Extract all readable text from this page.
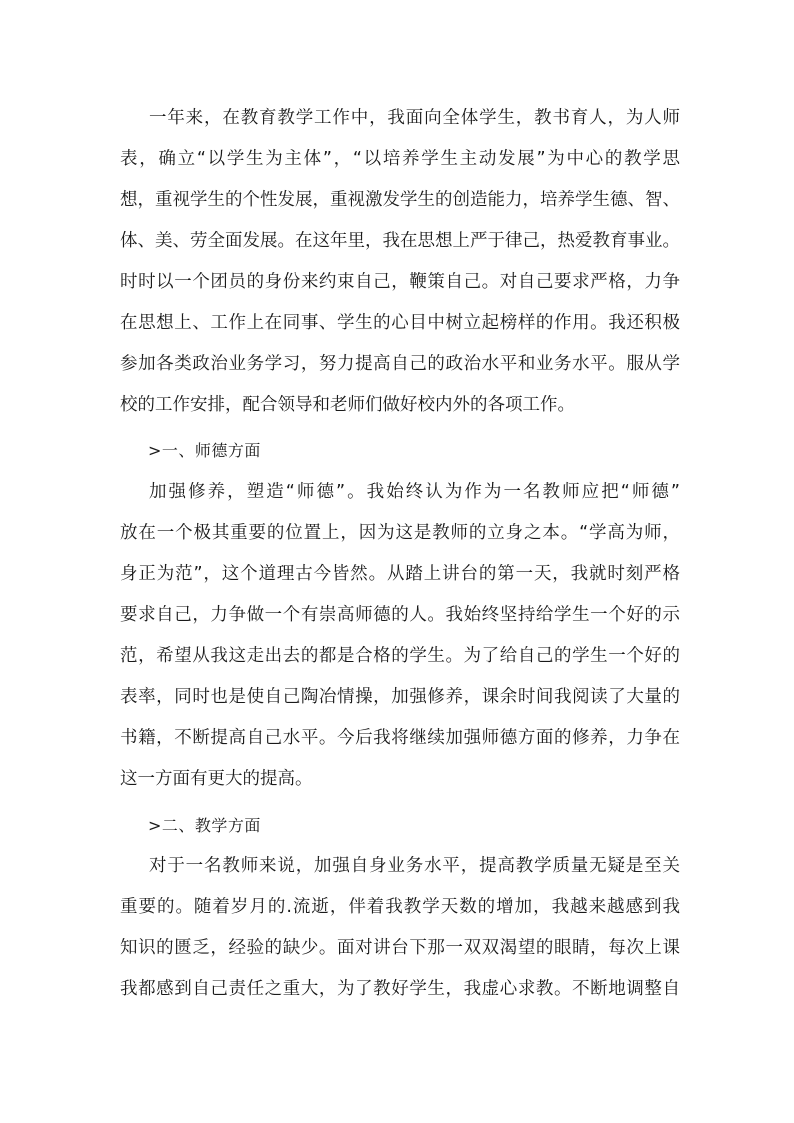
一年来，在教育教学工作中，我面向全体学生，教书育人，为人师
表，确立“以学生为主体”，“以培养学生主动发展”为中心的教学思
想，重视学生的个性发展，重视激发学生的创造能力，培养学生德、智、
体、美、劳全面发展。在这年里，我在思想上严于律己，热爱教育事业。
时时以一个团员的身份来约束自己，鞭策自己。对自己要求严格，力争
在思想上、工作上在同事、学生的心目中树立起榜样的作用。我还积极
参加各类政治业务学习，努力提高自己的政治水平和业务水平。服从学
校的工作安排，配合领导和老师们做好校内外的各项工作。
>一、师德方面
加强修养，塑造“师德”。我始终认为作为一名教师应把“师德”
放在一个极其重要的位置上，因为这是教师的立身之本。“学高为师，
身正为范”，这个道理古今皆然。从踏上讲台的第一天，我就时刻严格
要求自己，力争做一个有崇高师德的人。我始终坚持给学生一个好的示
范，希望从我这走出去的都是合格的学生。为了给自己的学生一个好的
表率，同时也是使自己陶冶情操，加强修养，课余时间我阅读了大量的
书籍，不断提高自己水平。今后我将继续加强师德方面的修养，力争在
这一方面有更大的提高。
>二、教学方面
对于一名教师来说，加强自身业务水平，提高教学质量无疑是至关
重要的。随着岁月的.流逝，伴着我教学天数的增加，我越来越感到我
知识的匮乏，经验的缺少。面对讲台下那一双双渴望的眼睛，每次上课
我都感到自己责任之重大，为了教好学生，我虚心求教。不断地调整自
